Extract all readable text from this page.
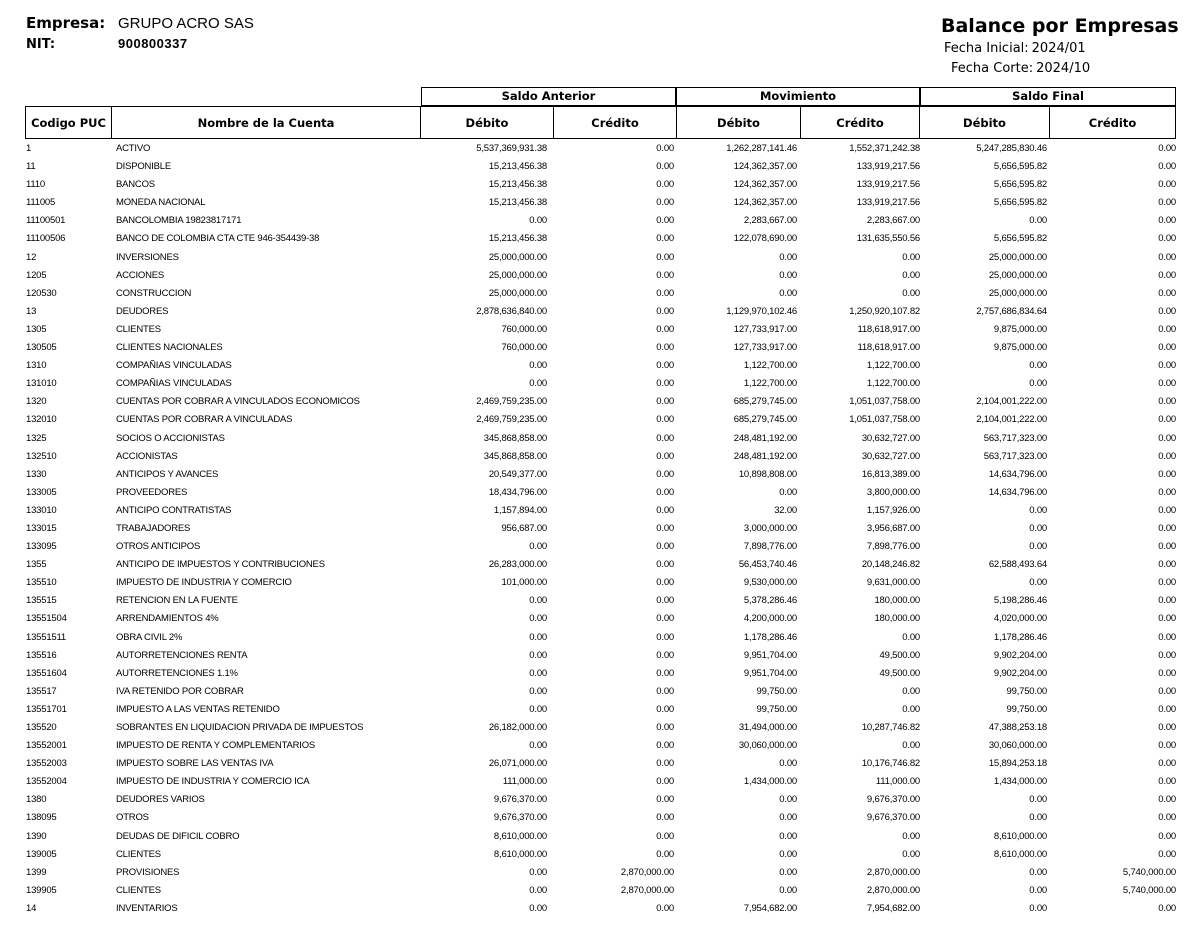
Empresa: GRUPO ACRO SAS
NIT:	900800337
Balance por Empresas
Fecha Inicial: 2024/01
Fecha Corte: 2024/10
Saldo Anterior	Movimiento	Saldo Final
Codigo PUC	Nombre de la Cuenta	Débito	Crédito	Débito	Crédito	Débito	Crédito
1	ACTIVO	5,537,369,931.38	0.00	1,262,287,141.46	1,552,371,242.38	5,247,285,830.46	0.00
11	DISPONIBLE	15,213,456.38	0.00	124,362,357.00	133,919,217.56	5,656,595.82	0.00
1110	BANCOS	15,213,456.38	0.00	124,362,357.00	133,919,217.56	5,656,595.82	0.00
111005	MONEDA NACIONAL	15,213,456.38	0.00	124,362,357.00	133,919,217.56	5,656,595.82	0.00
11100501	BANCOLOMBIA 19823817171	0.00	0.00	2,283,667.00	2,283,667.00	0.00	0.00
11100506	BANCO DE COLOMBIA CTA CTE 946-354439-38	15,213,456.38	0.00	122,078,690.00	131,635,550.56	5,656,595.82	0.00
12	INVERSIONES	25,000,000.00	0.00	0.00	0.00	25,000,000.00	0.00
1205	ACCIONES	25,000,000.00	0.00	0.00	0.00	25,000,000.00	0.00
120530	CONSTRUCCION	25,000,000.00	0.00	0.00	0.00	25,000,000.00	0.00
13	DEUDORES	2,878,636,840.00	0.00	1,129,970,102.46	1,250,920,107.82	2,757,686,834.64	0.00
1305	CLIENTES	760,000.00	0.00	127,733,917.00	118,618,917.00	9,875,000.00	0.00
130505	CLIENTES NACIONALES	760,000.00	0.00	127,733,917.00	118,618,917.00	9,875,000.00	0.00
1310	COMPAÑIAS VINCULADAS	0.00	0.00	1,122,700.00	1,122,700.00	0.00	0.00
131010	COMPAÑIAS VINCULADAS	0.00	0.00	1,122,700.00	1,122,700.00	0.00	0.00
1320	CUENTAS POR COBRAR A VINCULADOS ECONOMICOS	2,469,759,235.00	0.00	685,279,745.00	1,051,037,758.00	2,104,001,222.00	0.00
132010	CUENTAS POR COBRAR A VINCULADAS	2,469,759,235.00	0.00	685,279,745.00	1,051,037,758.00	2,104,001,222.00	0.00
1325	SOCIOS O ACCIONISTAS	345,868,858.00	0.00	248,481,192.00	30,632,727.00	563,717,323.00	0.00
132510	ACCIONISTAS	345,868,858.00	0.00	248,481,192.00	30,632,727.00	563,717,323.00	0.00
1330	ANTICIPOS Y AVANCES	20,549,377.00	0.00	10,898,808.00	16,813,389.00	14,634,796.00	0.00
133005	PROVEEDORES	18,434,796.00	0.00	0.00	3,800,000.00	14,634,796.00	0.00
133010	ANTICIPO CONTRATISTAS	1,157,894.00	0.00	32.00	1,157,926.00	0.00	0.00
133015	TRABAJADORES	956,687.00	0.00	3,000,000.00	3,956,687.00	0.00	0.00
133095	OTROS ANTICIPOS	0.00	0.00	7,898,776.00	7,898,776.00	0.00	0.00
1355	ANTICIPO DE IMPUESTOS Y CONTRIBUCIONES	26,283,000.00	0.00	56,453,740.46	20,148,246.82	62,588,493.64	0.00
135510	IMPUESTO DE INDUSTRIA Y COMERCIO	101,000.00	0.00	9,530,000.00	9,631,000.00	0.00	0.00
135515	RETENCION EN LA FUENTE	0.00	0.00	5,378,286.46	180,000.00	5,198,286.46	0.00
13551504	ARRENDAMIENTOS 4%	0.00	0.00	4,200,000.00	180,000.00	4,020,000.00	0.00
13551511	OBRA CIVIL 2%	0.00	0.00	1,178,286.46	0.00	1,178,286.46	0.00
135516	AUTORRETENCIONES RENTA	0.00	0.00	9,951,704.00	49,500.00	9,902,204.00	0.00
13551604	AUTORRETENCIONES 1.1%	0.00	0.00	9,951,704.00	49,500.00	9,902,204.00	0.00
135517	IVA RETENIDO POR COBRAR	0.00	0.00	99,750.00	0.00	99,750.00	0.00
13551701	IMPUESTO A LAS VENTAS RETENIDO	0.00	0.00	99,750.00	0.00	99,750.00	0.00
135520	SOBRANTES EN LIQUIDACION PRIVADA DE IMPUESTOS	26,182,000.00	0.00	31,494,000.00	10,287,746.82	47,388,253.18	0.00
13552001	IMPUESTO DE RENTA Y COMPLEMENTARIOS	0.00	0.00	30,060,000.00	0.00	30,060,000.00	0.00
13552003	IMPUESTO SOBRE LAS VENTAS IVA	26,071,000.00	0.00	0.00	10,176,746.82	15,894,253.18	0.00
13552004	IMPUESTO DE INDUSTRIA Y COMERCIO ICA	111,000.00	0.00	1,434,000.00	111,000.00	1,434,000.00	0.00
1380	DEUDORES VARIOS	9,676,370.00	0.00	0.00	9,676,370.00	0.00	0.00
138095	OTROS	9,676,370.00	0.00	0.00	9,676,370.00	0.00	0.00
1390	DEUDAS DE DIFICIL COBRO	8,610,000.00	0.00	0.00	0.00	8,610,000.00	0.00
139005	CLIENTES	8,610,000.00	0.00	0.00	0.00	8,610,000.00	0.00
1399	PROVISIONES	0.00	2,870,000.00	0.00	2,870,000.00	0.00	5,740,000.00
139905	CLIENTES	0.00	2,870,000.00	0.00	2,870,000.00	0.00	5,740,000.00
14	INVENTARIOS	0.00	0.00	7,954,682.00	7,954,682.00	0.00	0.00
